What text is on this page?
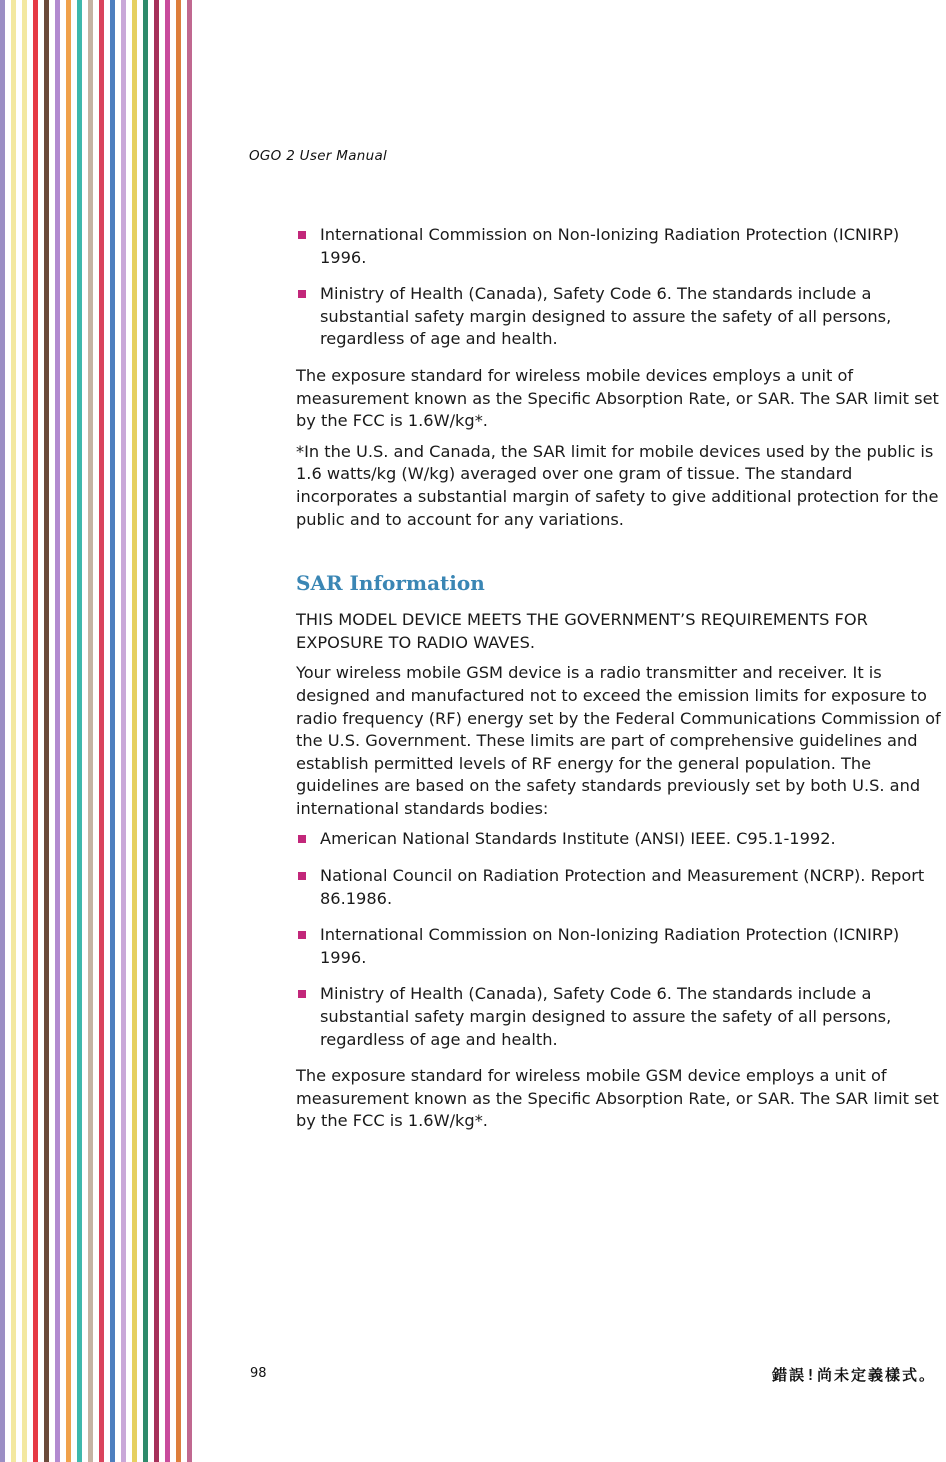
OGO 2 User Manual
International Commission on Non-Ionizing Radiation Protection (ICNIRP) 1996.
Ministry of Health (Canada), Safety Code 6. The standards include a substantial safety margin designed to assure the safety of all persons, regardless of age and health.

The exposure standard for wireless mobile devices employs a unit of measurement known as the Specific Absorption Rate, or SAR. The SAR limit set by the FCC is 1.6W/kg*.

*In the U.S. and Canada, the SAR limit for mobile devices used by the public is 1.6 watts/kg (W/kg) averaged over one gram of tissue. The standard incorporates a substantial margin of safety to give additional protection for the public and to account for any variations.

SAR Information

THIS MODEL DEVICE MEETS THE GOVERNMENT’S REQUIREMENTS FOR EXPOSURE TO RADIO WAVES.

Your wireless mobile GSM device is a radio transmitter and receiver. It is designed and manufactured not to exceed the emission limits for exposure to radio frequency (RF) energy set by the Federal Communications Commission of the U.S. Government. These limits are part of comprehensive guidelines and establish permitted levels of RF energy for the general population. The guidelines are based on the safety standards previously set by both U.S. and international standards bodies:

American National Standards Institute (ANSI) IEEE. C95.1-1992.
National Council on Radiation Protection and Measurement (NCRP). Report 86.1986.
International Commission on Non-Ionizing Radiation Protection (ICNIRP) 1996.
Ministry of Health (Canada), Safety Code 6. The standards include a substantial safety margin designed to assure the safety of all persons, regardless of age and health.

The exposure standard for wireless mobile GSM device employs a unit of measurement known as the Specific Absorption Rate, or SAR. The SAR limit set by the FCC is 1.6W/kg*.

98	錯誤!尚未定義樣式。
